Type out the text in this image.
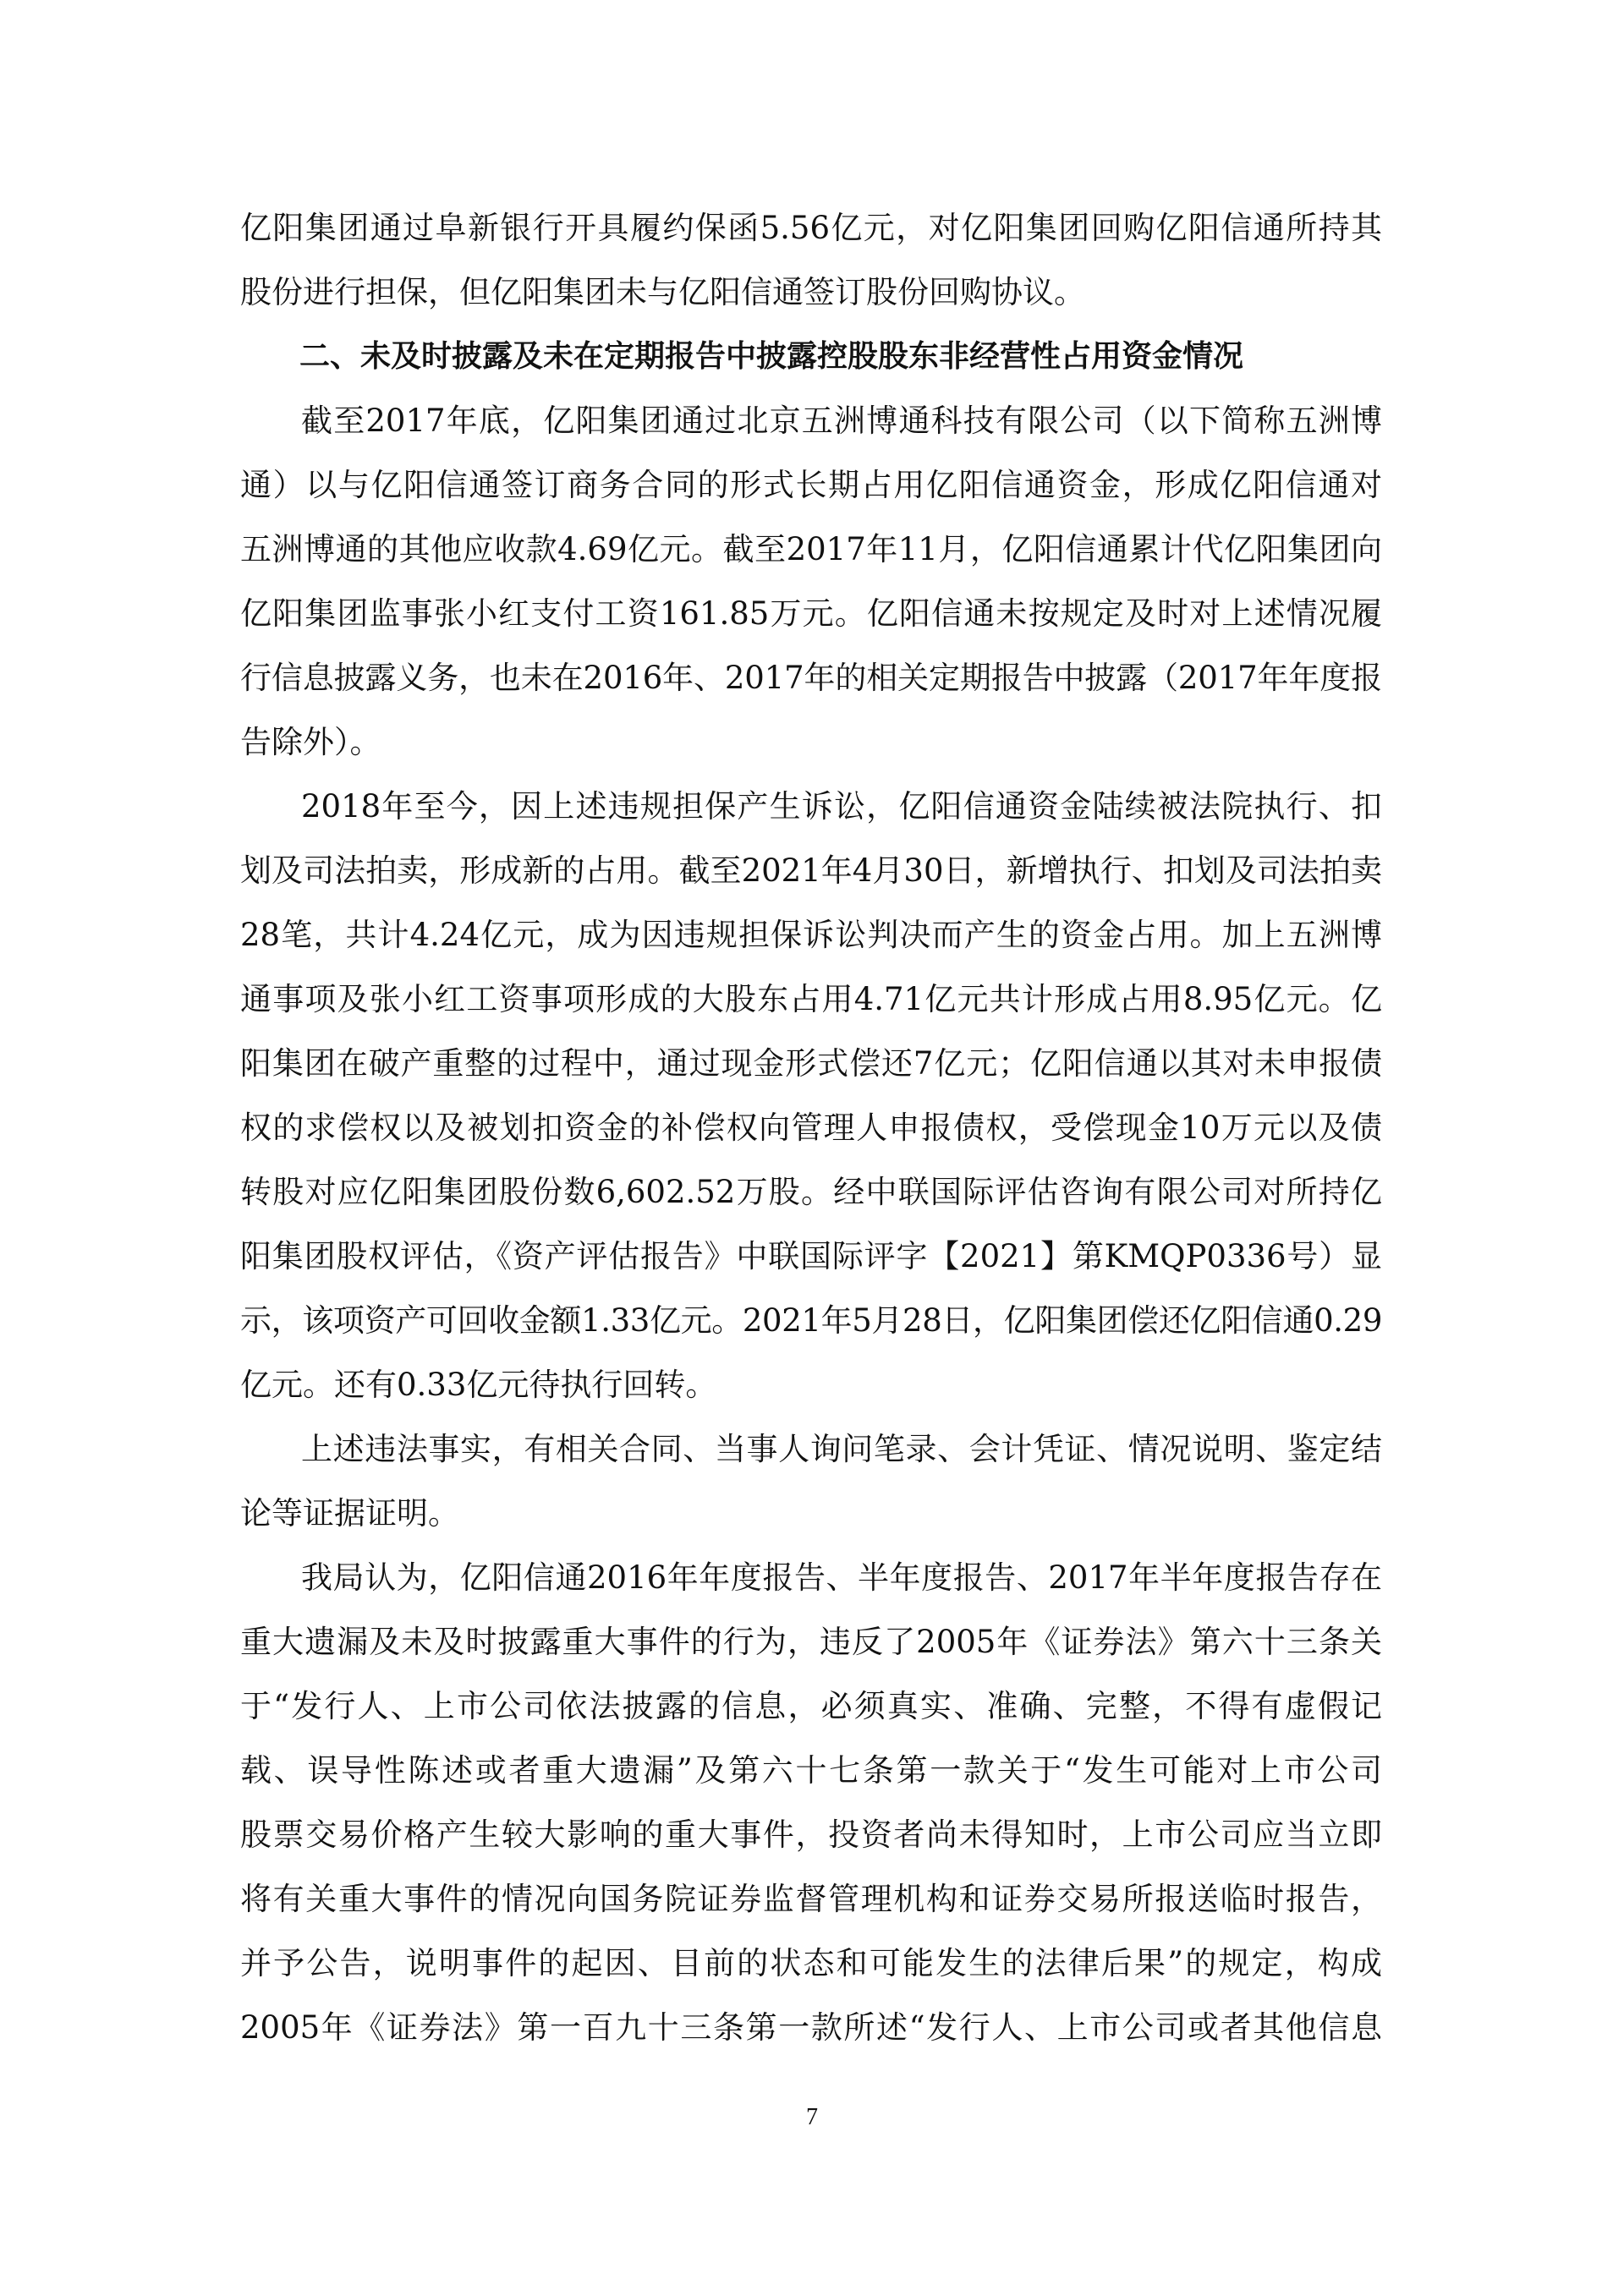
亿阳集团通过阜新银行开具履约保函5.56亿元，对亿阳集团回购亿阳信通所持其
股份进行担保，但亿阳集团未与亿阳信通签订股份回购协议。
二、未及时披露及未在定期报告中披露控股股东非经营性占用资金情况
截至2017年底，亿阳集团通过北京五洲博通科技有限公司（以下简称五洲博
通）以与亿阳信通签订商务合同的形式长期占用亿阳信通资金，形成亿阳信通对
五洲博通的其他应收款4.69亿元。截至2017年11月，亿阳信通累计代亿阳集团向
亿阳集团监事张小红支付工资161.85万元。亿阳信通未按规定及时对上述情况履
行信息披露义务，也未在2016年、2017年的相关定期报告中披露（2017年年度报
告除外）。
2018年至今，因上述违规担保产生诉讼，亿阳信通资金陆续被法院执行、扣
划及司法拍卖，形成新的占用。截至2021年4月30日，新增执行、扣划及司法拍卖
28笔，共计4.24亿元，成为因违规担保诉讼判决而产生的资金占用。加上五洲博
通事项及张小红工资事项形成的大股东占用4.71亿元共计形成占用8.95亿元。亿
阳集团在破产重整的过程中，通过现金形式偿还7亿元；亿阳信通以其对未申报债
权的求偿权以及被划扣资金的补偿权向管理人申报债权，受偿现金10万元以及债
转股对应亿阳集团股份数6,602.52万股。经中联国际评估咨询有限公司对所持亿
阳集团股权评估，《资产评估报告》中联国际评字【2021】第KMQP0336号）显
示，该项资产可回收金额1.33亿元。2021年5月28日，亿阳集团偿还亿阳信通0.29
亿元。还有0.33亿元待执行回转。
上述违法事实，有相关合同、当事人询问笔录、会计凭证、情况说明、鉴定结
论等证据证明。
我局认为，亿阳信通2016年年度报告、半年度报告、2017年半年度报告存在
重大遗漏及未及时披露重大事件的行为，违反了2005年《证券法》第六十三条关
于“发行人、上市公司依法披露的信息，必须真实、准确、完整，不得有虚假记
载、误导性陈述或者重大遗漏”及第六十七条第一款关于“发生可能对上市公司
股票交易价格产生较大影响的重大事件，投资者尚未得知时，上市公司应当立即
将有关重大事件的情况向国务院证券监督管理机构和证券交易所报送临时报告，
并予公告，说明事件的起因、目前的状态和可能发生的法律后果”的规定，构成
2005年《证券法》第一百九十三条第一款所述“发行人、上市公司或者其他信息
7
